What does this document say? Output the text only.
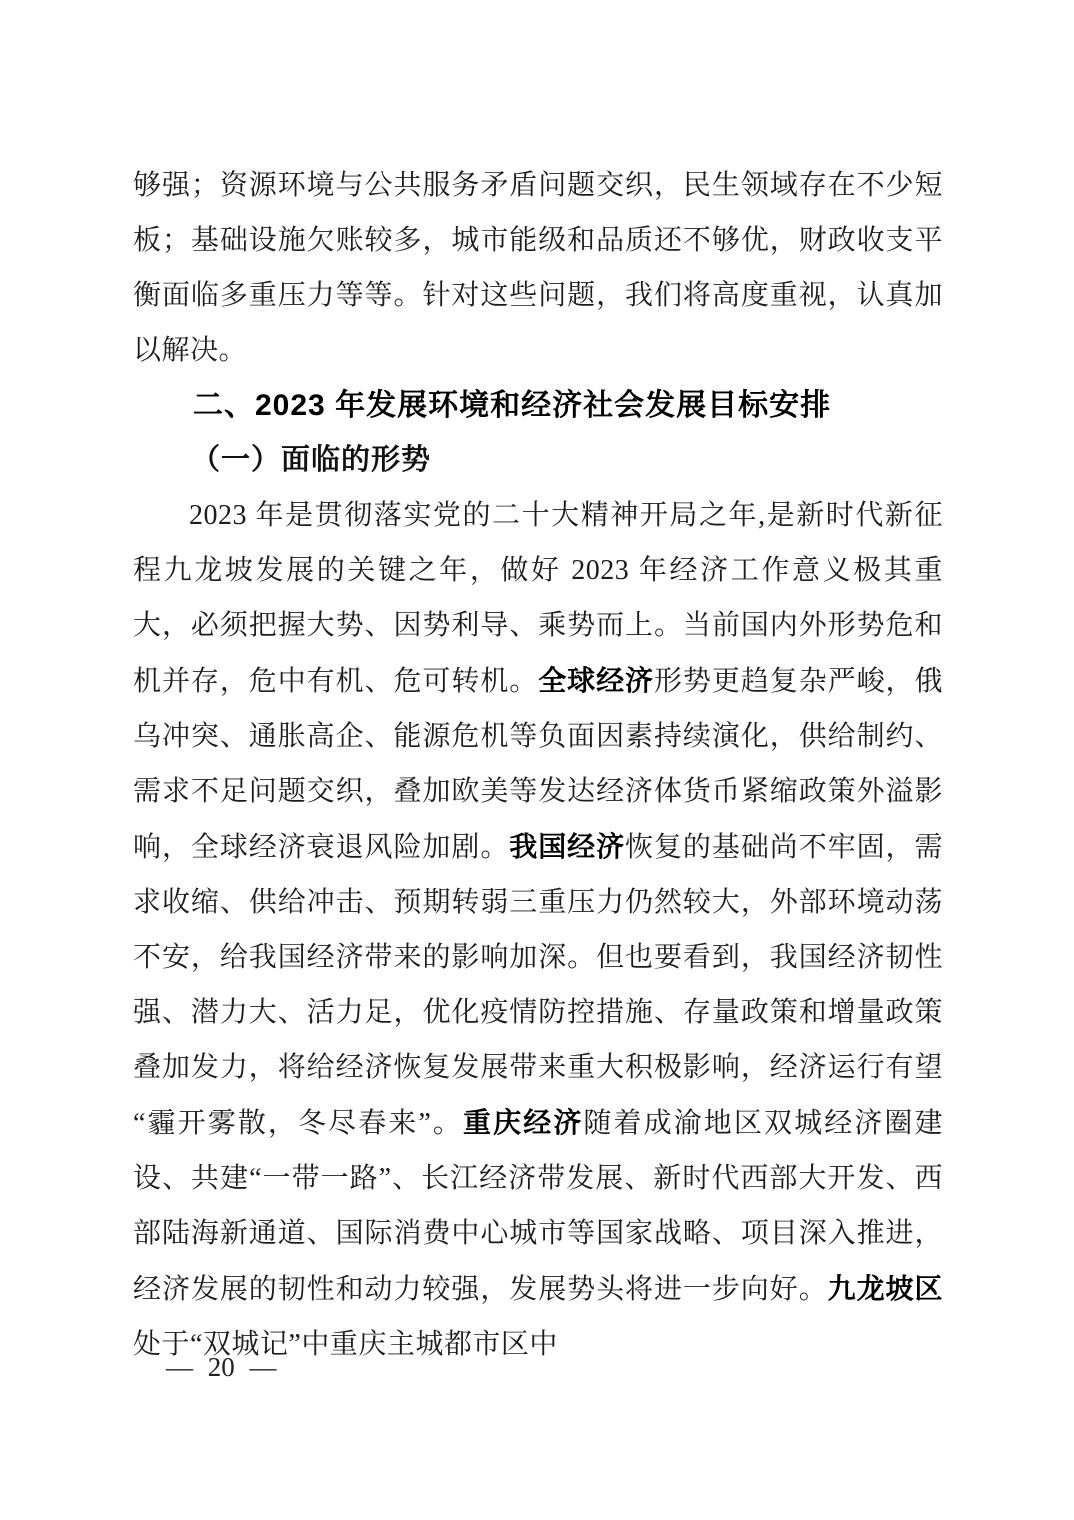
够强；资源环境与公共服务矛盾问题交织，民生领域存在不少短板；基础设施欠账较多，城市能级和品质还不够优，财政收支平衡面临多重压力等等。针对这些问题，我们将高度重视，认真加以解决。

二、2023 年发展环境和经济社会发展目标安排
（一）面临的形势

2023 年是贯彻落实党的二十大精神开局之年,是新时代新征程九龙坡发展的关键之年，做好 2023 年经济工作意义极其重大，必须把握大势、因势利导、乘势而上。当前国内外形势危和机并存，危中有机、危可转机。全球经济形势更趋复杂严峻，俄乌冲突、通胀高企、能源危机等负面因素持续演化，供给制约、需求不足问题交织，叠加欧美等发达经济体货币紧缩政策外溢影响，全球经济衰退风险加剧。我国经济恢复的基础尚不牢固，需求收缩、供给冲击、预期转弱三重压力仍然较大，外部环境动荡不安，给我国经济带来的影响加深。但也要看到，我国经济韧性强、潜力大、活力足，优化疫情防控措施、存量政策和增量政策叠加发力，将给经济恢复发展带来重大积极影响，经济运行有望“霾开雾散，冬尽春来”。重庆经济随着成渝地区双城经济圈建设、共建“一带一路”、长江经济带发展、新时代西部大开发、西部陆海新通道、国际消费中心城市等国家战略、项目深入推进，经济发展的韧性和动力较强，发展势头将进一步向好。九龙坡区处于“双城记”中重庆主城都市区中

— 20 —
